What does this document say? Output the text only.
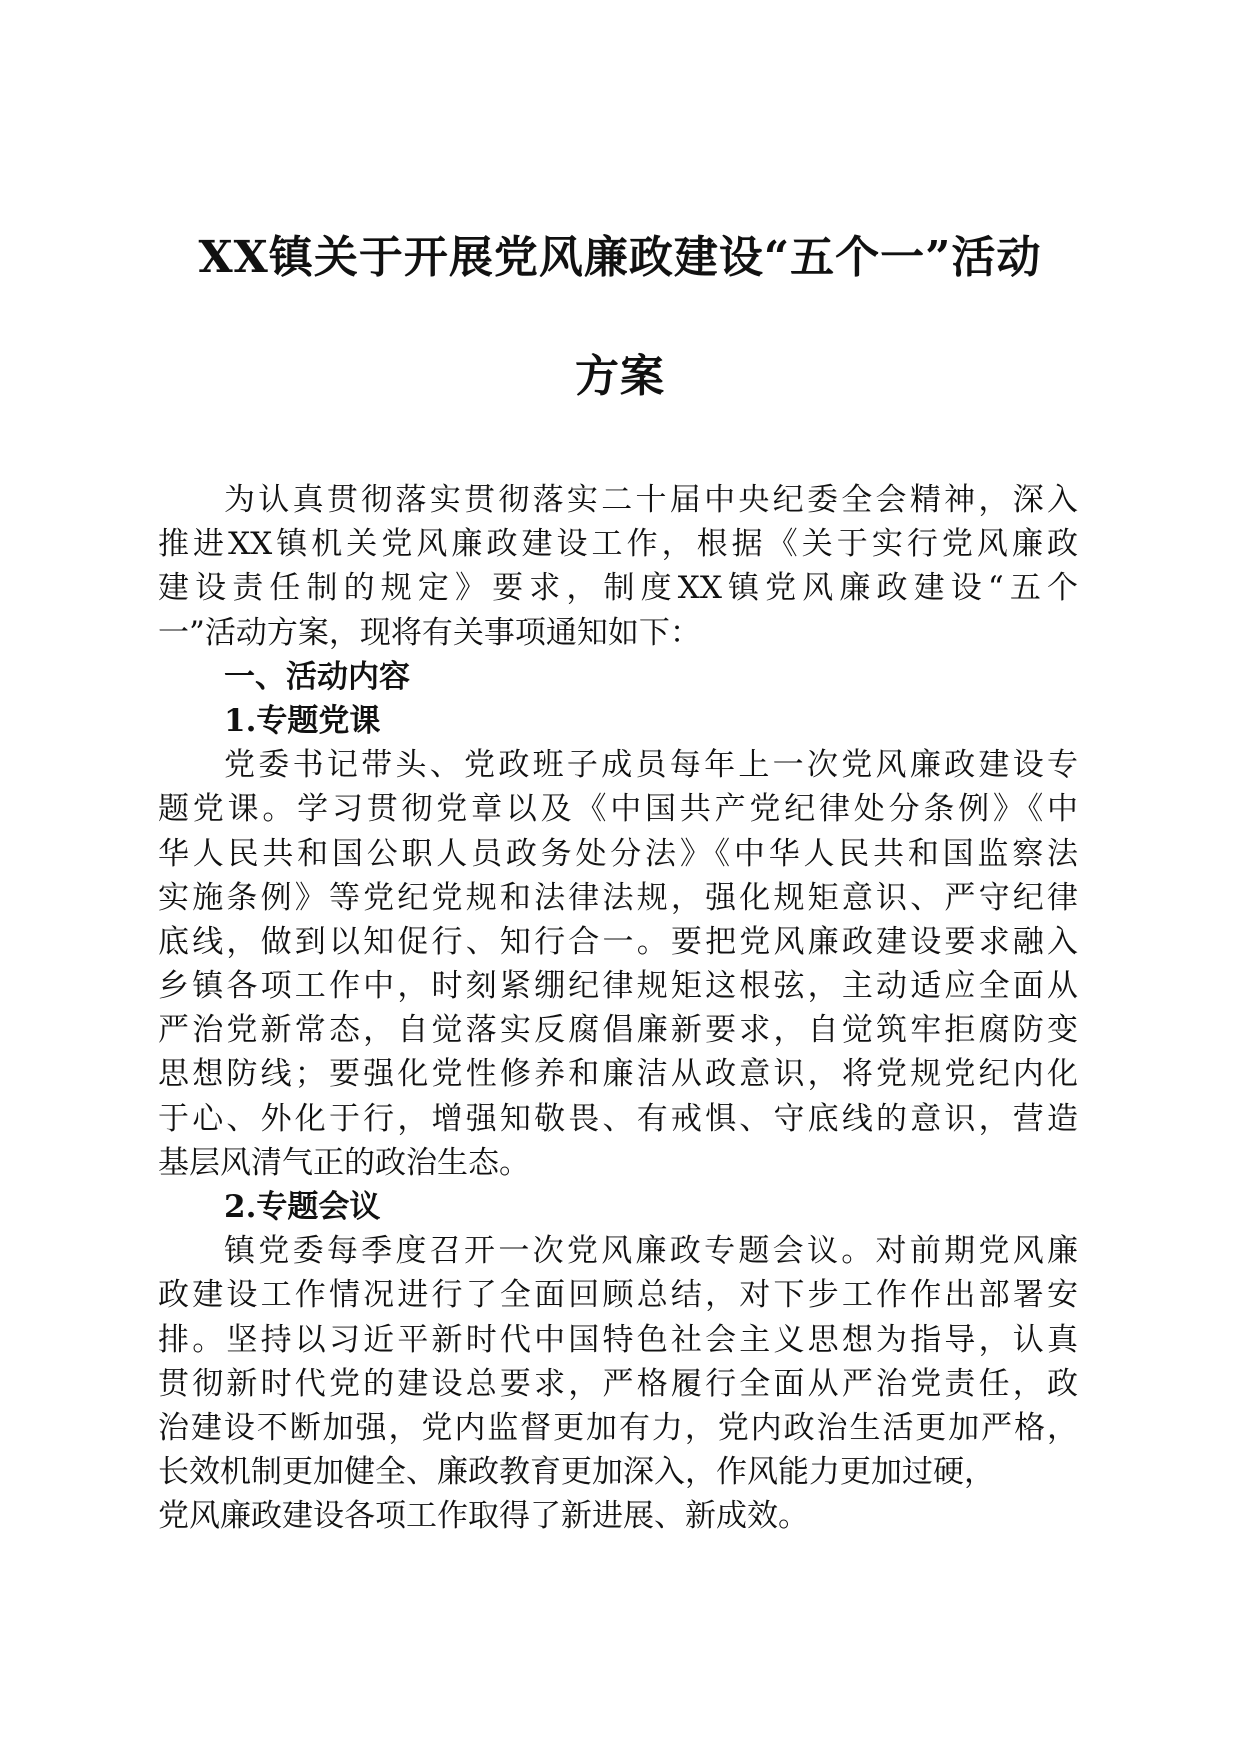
XX镇关于开展党风廉政建设“五个一”活动
方案
为认真贯彻落实贯彻落实二十届中央纪委全会精神，深入
推进XX镇机关党风廉政建设工作，根据《关于实行党风廉政
建设责任制的规定》要求，制度XX镇党风廉政建设“五个
一”活动方案，现将有关事项通知如下：
一、活动内容
1.专题党课
党委书记带头、党政班子成员每年上一次党风廉政建设专
题党课。学习贯彻党章以及《中国共产党纪律处分条例》《中
华人民共和国公职人员政务处分法》《中华人民共和国监察法
实施条例》等党纪党规和法律法规，强化规矩意识、严守纪律
底线，做到以知促行、知行合一。要把党风廉政建设要求融入
乡镇各项工作中，时刻紧绷纪律规矩这根弦，主动适应全面从
严治党新常态，自觉落实反腐倡廉新要求，自觉筑牢拒腐防变
思想防线；要强化党性修养和廉洁从政意识，将党规党纪内化
于心、外化于行，增强知敬畏、有戒惧、守底线的意识，营造
基层风清气正的政治生态。
2.专题会议
镇党委每季度召开一次党风廉政专题会议。对前期党风廉
政建设工作情况进行了全面回顾总结，对下步工作作出部署安
排。坚持以习近平新时代中国特色社会主义思想为指导，认真
贯彻新时代党的建设总要求，严格履行全面从严治党责任，政
治建设不断加强，党内监督更加有力，党内政治生活更加严格，
长效机制更加健全、廉政教育更加深入，作风能力更加过硬，
党风廉政建设各项工作取得了新进展、新成效。
